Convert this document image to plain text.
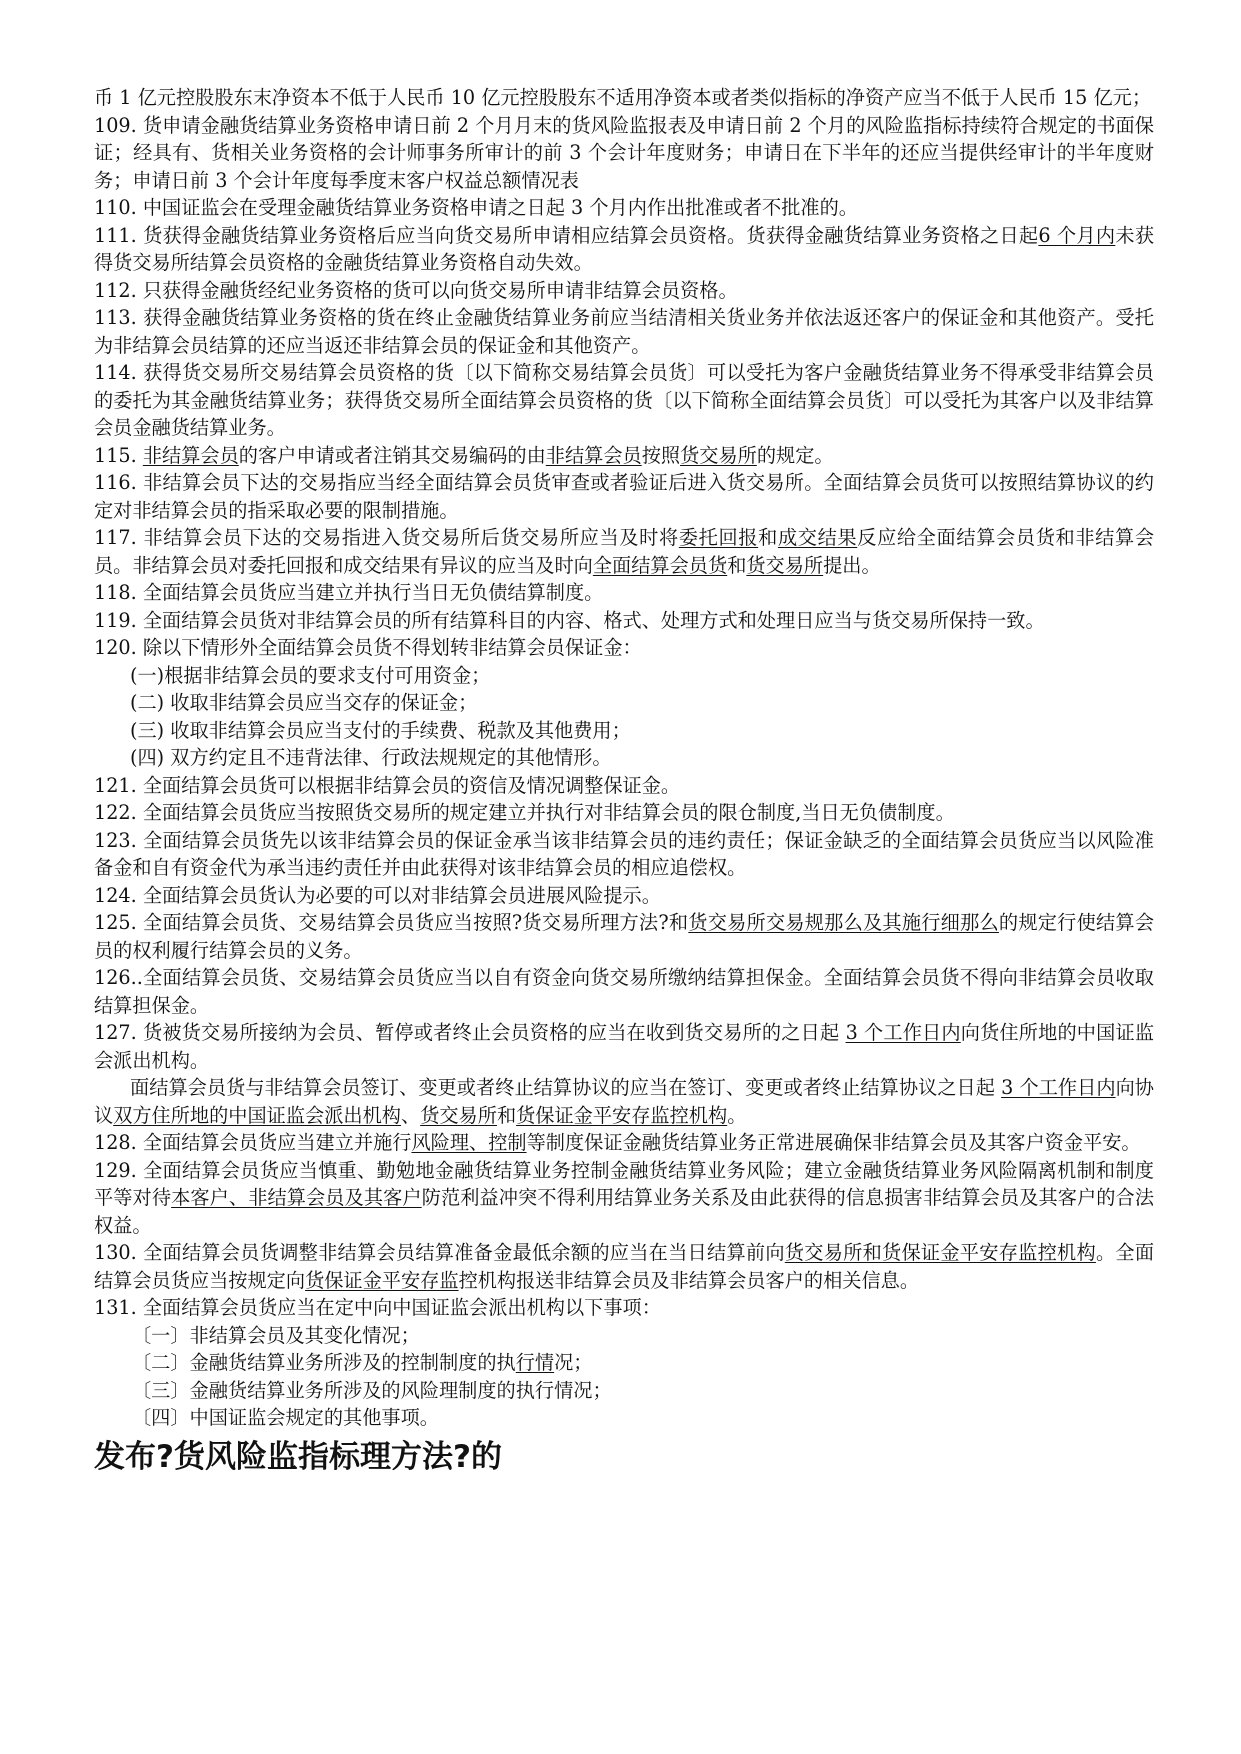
币 1 亿元控股股东末净资本不低于人民币 10 亿元控股股东不适用净资本或者类似指标的净资产应当不低于人民币 15 亿元；

109. 货申请金融货结算业务资格申请日前 2 个月月末的货风险监报表及申请日前 2 个月的风险监指标持续符合规定的书面保证；经具有、货相关业务资格的会计师事务所审计的前 3 个会计年度财务；申请日在下半年的还应当提供经审计的半年度财务；申请日前 3 个会计年度每季度末客户权益总额情况表

110. 中国证监会在受理金融货结算业务资格申请之日起 3 个月内作出批准或者不批准的。

111. 货获得金融货结算业务资格后应当向货交易所申请相应结算会员资格。货获得金融货结算业务资格之日起6 个月内未获得货交易所结算会员资格的金融货结算业务资格自动失效。

112. 只获得金融货经纪业务资格的货可以向货交易所申请非结算会员资格。

113. 获得金融货结算业务资格的货在终止金融货结算业务前应当结清相关货业务并依法返还客户的保证金和其他资产。受托为非结算会员结算的还应当返还非结算会员的保证金和其他资产。

114. 获得货交易所交易结算会员资格的货〔以下简称交易结算会员货〕可以受托为客户金融货结算业务不得承受非结算会员的委托为其金融货结算业务；获得货交易所全面结算会员资格的货〔以下简称全面结算会员货〕可以受托为其客户以及非结算会员金融货结算业务。

115. 非结算会员的客户申请或者注销其交易编码的由非结算会员按照货交易所的规定。

116. 非结算会员下达的交易指应当经全面结算会员货审查或者验证后进入货交易所。全面结算会员货可以按照结算协议的约定对非结算会员的指采取必要的限制措施。

117. 非结算会员下达的交易指进入货交易所后货交易所应当及时将委托回报和成交结果反应给全面结算会员货和非结算会员。非结算会员对委托回报和成交结果有异议的应当及时向全面结算会员货和货交易所提出。

118. 全面结算会员货应当建立并执行当日无负债结算制度。

119. 全面结算会员货对非结算会员的所有结算科目的内容、格式、处理方式和处理日应当与货交易所保持一致。

120. 除以下情形外全面结算会员货不得划转非结算会员保证金：

(一)根据非结算会员的要求支付可用资金；

(二) 收取非结算会员应当交存的保证金；

(三) 收取非结算会员应当支付的手续费、税款及其他费用；

(四) 双方约定且不违背法律、行政法规规定的其他情形。

121. 全面结算会员货可以根据非结算会员的资信及情况调整保证金。

122. 全面结算会员货应当按照货交易所的规定建立并执行对非结算会员的限仓制度,当日无负债制度。

123. 全面结算会员货先以该非结算会员的保证金承当该非结算会员的违约责任；保证金缺乏的全面结算会员货应当以风险准备金和自有资金代为承当违约责任并由此获得对该非结算会员的相应追偿权。

124. 全面结算会员货认为必要的可以对非结算会员进展风险提示。

125. 全面结算会员货、交易结算会员货应当按照?货交易所理方法?和货交易所交易规那么及其施行细那么的规定行使结算会员的权利履行结算会员的义务。

126..全面结算会员货、交易结算会员货应当以自有资金向货交易所缴纳结算担保金。全面结算会员货不得向非结算会员收取结算担保金。

127. 货被货交易所接纳为会员、暂停或者终止会员资格的应当在收到货交易所的之日起 3 个工作日内向货住所地的中国证监会派出机构。

面结算会员货与非结算会员签订、变更或者终止结算协议的应当在签订、变更或者终止结算协议之日起 3 个工作日内向协议双方住所地的中国证监会派出机构、货交易所和货保证金平安存监控机构。

128. 全面结算会员货应当建立并施行风险理、控制等制度保证金融货结算业务正常进展确保非结算会员及其客户资金平安。

129. 全面结算会员货应当慎重、勤勉地金融货结算业务控制金融货结算业务风险；建立金融货结算业务风险隔离机制和制度平等对待本客户、非结算会员及其客户防范利益冲突不得利用结算业务关系及由此获得的信息损害非结算会员及其客户的合法权益。

130. 全面结算会员货调整非结算会员结算准备金最低余额的应当在当日结算前向货交易所和货保证金平安存监控机构。全面结算会员货应当按规定向货保证金平安存监控机构报送非结算会员及非结算会员客户的相关信息。

131. 全面结算会员货应当在定中向中国证监会派出机构以下事项：

〔一〕非结算会员及其变化情况；

〔二〕金融货结算业务所涉及的控制制度的执行情况；

〔三〕金融货结算业务所涉及的风险理制度的执行情况；

〔四〕中国证监会规定的其他事项。

发布?货风险监指标理方法?的
